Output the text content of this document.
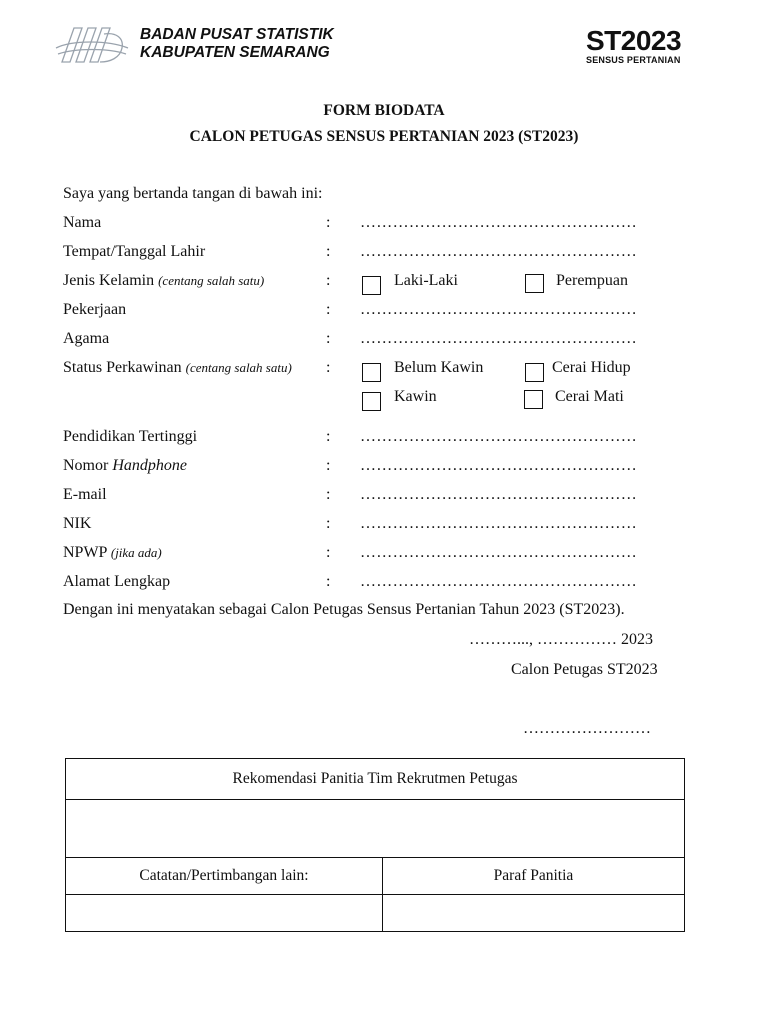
BADAN PUSAT STATISTIK
KABUPATEN SEMARANG	ST2023
SENSUS PERTANIAN
FORM BIODATA
CALON PETUGAS SENSUS PERTANIAN 2023 (ST2023)
Saya yang bertanda tangan di bawah ini:
Nama	: ……………………………………………
Tempat/Tanggal Lahir	: ……………………………………………
Jenis Kelamin (centang salah satu)	:	Laki-Laki	Perempuan
Pekerjaan	: ……………………………………………
Agama	: ……………………………………………
Status Perkawinan (centang salah satu) :	Belum Kawin	Cerai Hidup
Kawin	Cerai Mati
Pendidikan Tertinggi	: ……………………………………………
Nomor Handphone	: ……………………………………………
E-mail	: ……………………………………………
NIK	: ……………………………………………
NPWP (jika ada)	: ……………………………………………
Alamat Lengkap	: ……………………………………………
Dengan ini menyatakan sebagai Calon Petugas Sensus Pertanian Tahun 2023 (ST2023).
………..., …………… 2023
Calon Petugas ST2023
……………………
Rekomendasi Panitia Tim Rekrutmen Petugas	

Catatan/Pertimbangan lain:	Paraf Panitia
